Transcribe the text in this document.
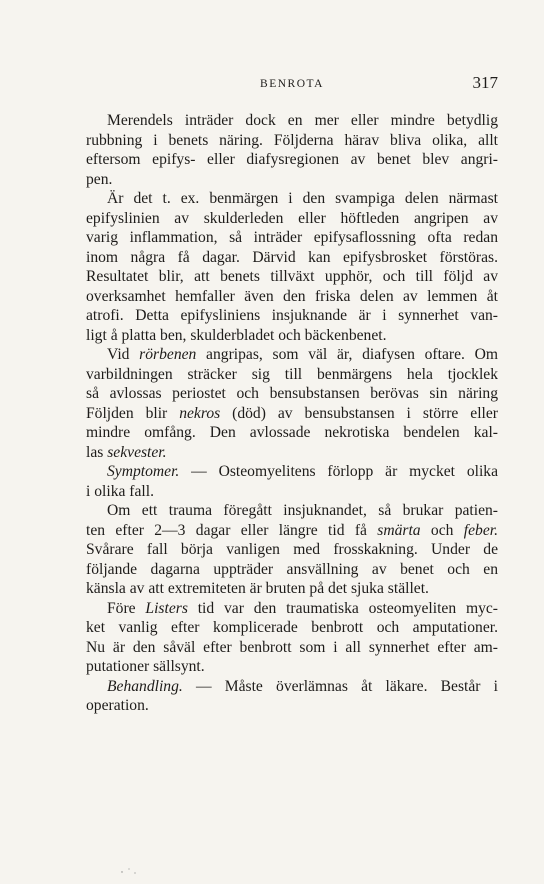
BENROTA	317
Merendels inträder dock en mer eller mindre betydlig
rubbning i benets näring. Följderna härav bliva olika, allt
eftersom epifys- eller diafysregionen av benet blev angri-
pen.
Är det t. ex. benmärgen i den svampiga delen närmast
epifyslinien av skulderleden eller höftleden angripen av
varig inflammation, så inträder epifysaflossning ofta redan
inom några få dagar. Därvid kan epifysbrosket förstöras.
Resultatet blir, att benets tillväxt upphör, och till följd av
overksamhet hemfaller även den friska delen av lemmen åt
atrofi. Detta epifysliniens insjuknande är i synnerhet van-
ligt å platta ben, skulderbladet och bäckenbenet.
Vid rörbenen angripas, som väl är, diafysen oftare. Om
varbildningen sträcker sig till benmärgens hela tjocklek
så avlossas periostet och bensubstansen berövas sin näring
Följden blir nekros (död) av bensubstansen i större eller
mindre omfång. Den avlossade nekrotiska bendelen kal-
las sekvester.
Symptomer. — Osteomyelitens förlopp är mycket olika
i olika fall.
Om ett trauma föregått insjuknandet, så brukar patien-
ten efter 2—3 dagar eller längre tid få smärta och feber.
Svårare fall börja vanligen med frosskakning. Under de
följande dagarna uppträder ansvällning av benet och en
känsla av att extremiteten är bruten på det sjuka stället.
Före Listers tid var den traumatiska osteomyeliten myc-
ket vanlig efter komplicerade benbrott och amputationer.
Nu är den såväl efter benbrott som i all synnerhet efter am-
putationer sällsynt.
Behandling. — Måste överlämnas åt läkare. Består i
operation.
